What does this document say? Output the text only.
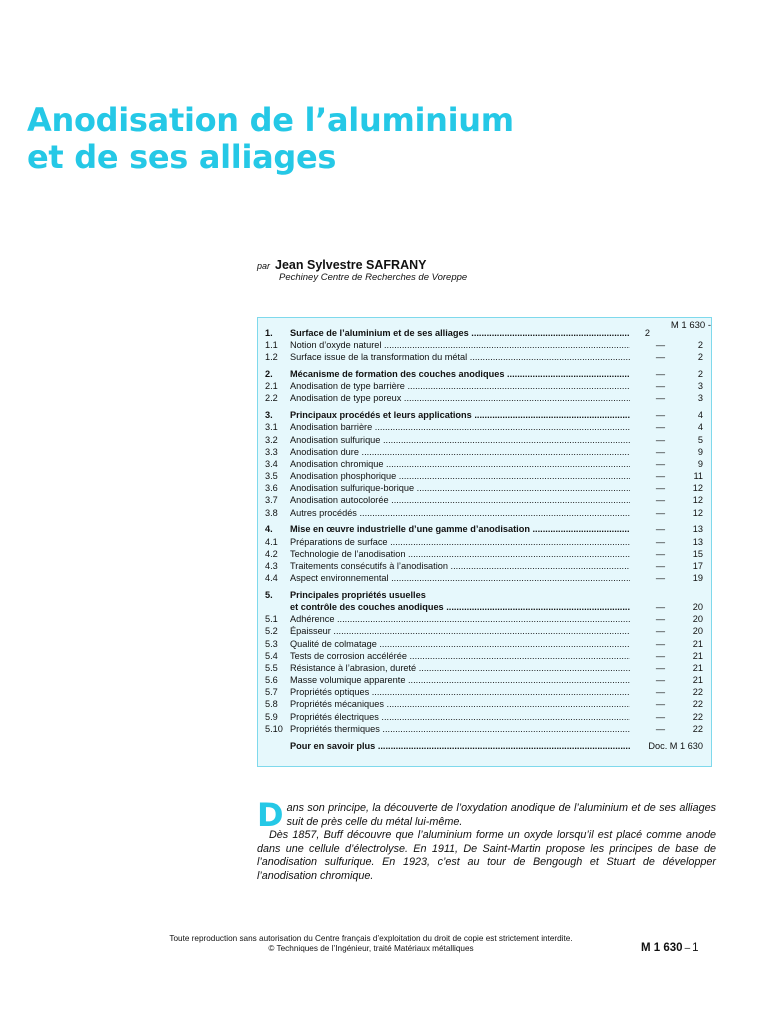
Anodisation de l’aluminium
et de ses alliages
par Jean Sylvestre SAFRANY
Pechiney Centre de Recherches de Voreppe
M 1 630 -
1.	Surface de l’aluminium et de ses alliages .....	2
1.1	Notion d’oxyde naturel .....	—	2
1.2	Surface issue de la transformation du métal .....	—	2
2.	Mécanisme de formation des couches anodiques .....	—	2
2.1	Anodisation de type barrière .....	—	3
2.2	Anodisation de type poreux .....	—	3
3.	Principaux procédés et leurs applications .....	—	4
3.1	Anodisation barrière .....	—	4
3.2	Anodisation sulfurique .....	—	5
3.3	Anodisation dure .....	—	9
3.4	Anodisation chromique .....	—	9
3.5	Anodisation phosphorique .....	—	11
3.6	Anodisation sulfurique-borique .....	—	12
3.7	Anodisation autocolorée .....	—	12
3.8	Autres procédés .....	—	12
4.	Mise en œuvre industrielle d’une gamme d’anodisation .....	—	13
4.1	Préparations de surface .....	—	13
4.2	Technologie de l’anodisation .....	—	15
4.3	Traitements consécutifs à l’anodisation .....	—	17
4.4	Aspect environnemental .....	—	19
5.	Principales propriétés usuelles
et contrôle des couches anodiques .....	—	20
5.1	Adhérence .....	—	20
5.2	Épaisseur .....	—	20
5.3	Qualité de colmatage .....	—	21
5.4	Tests de corrosion accélérée .....	—	21
5.5	Résistance à l’abrasion, dureté .....	—	21
5.6	Masse volumique apparente .....	—	21
5.7	Propriétés optiques .....	—	22
5.8	Propriétés mécaniques .....	—	22
5.9	Propriétés électriques .....	—	22
5.10 Propriétés thermiques .....	—	22
Pour en savoir plus .....	Doc. M 1 630

Dans son principe, la découverte de l’oxydation anodique de l’aluminium et de ses alliages suit de près celle du métal lui-même.

Dès 1857, Buff découvre que l’aluminium forme un oxyde lorsqu’il est placé comme anode dans une cellule d’électrolyse. En 1911, De Saint-Martin propose les principes de base de l’anodisation sulfurique. En 1923, c’est au tour de Bengough et Stuart de développer l’anodisation chromique.

Toute reproduction sans autorisation du Centre français d’exploitation du droit de copie est strictement interdite.
© Techniques de l’Ingénieur, traité Matériaux métalliques	M 1 630 – 1
